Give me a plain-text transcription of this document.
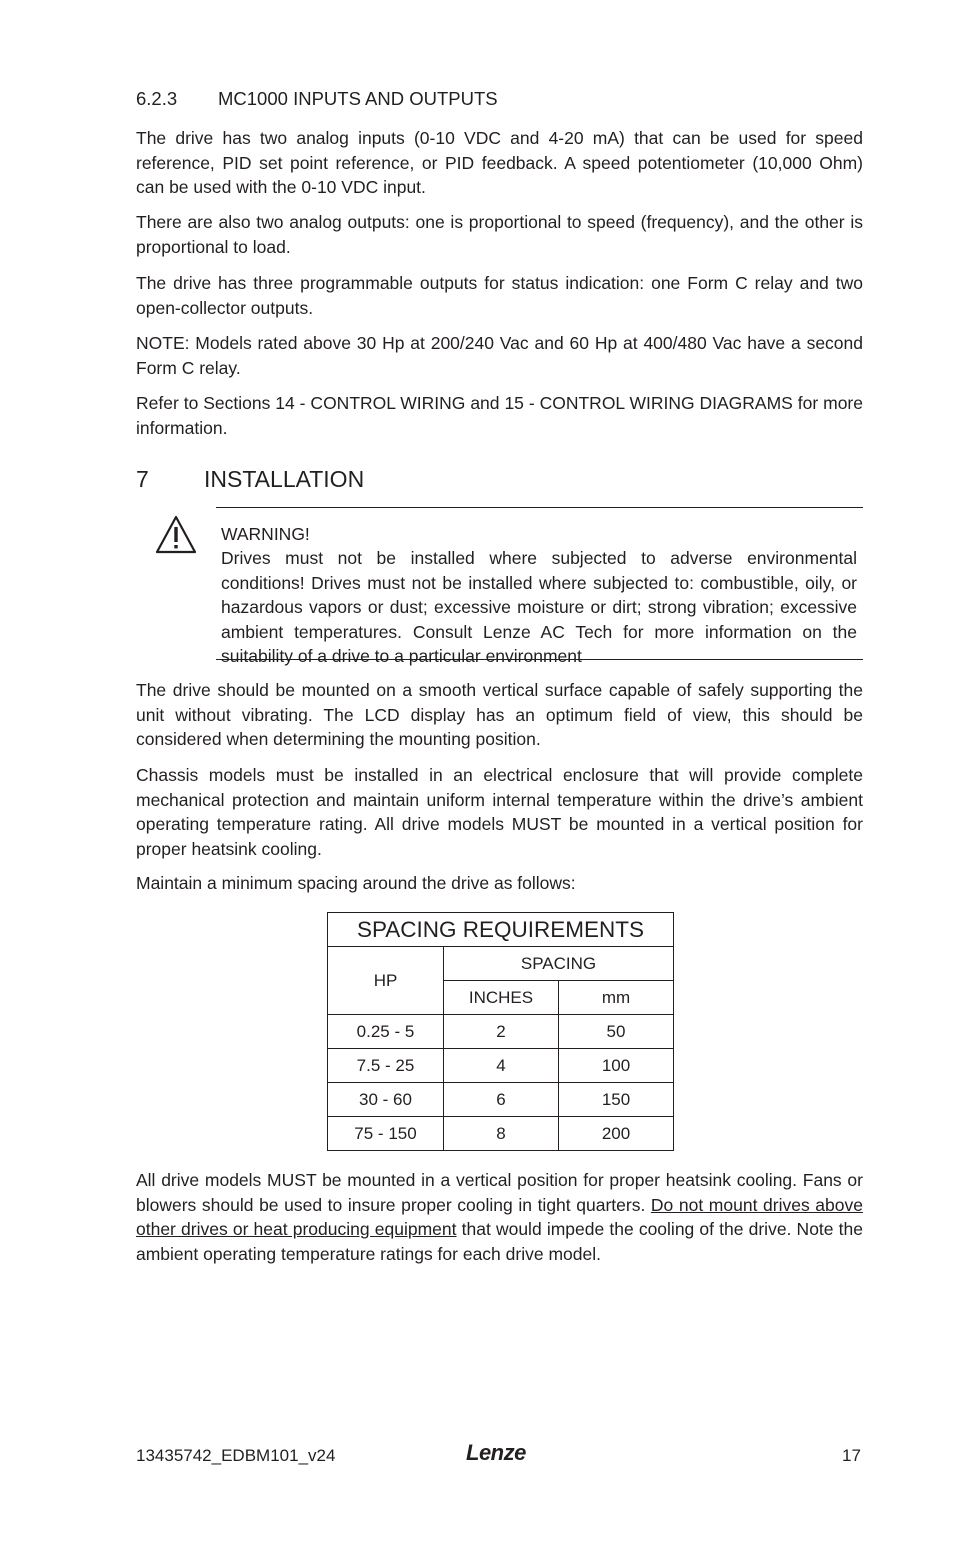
6.2.3 MC1000 INPUTS AND OUTPUTS

The drive has two analog inputs (0-10 VDC and 4-20 mA) that can be used for speed reference, PID set point reference, or PID feedback. A speed potentiometer (10,000 Ohm) can be used with the 0-10 VDC input.

There are also two analog outputs: one is proportional to speed (frequency), and the other is proportional to load.

The drive has three programmable outputs for status indication: one Form C relay and two open-collector outputs.

NOTE: Models rated above 30 Hp at 200/240 Vac and 60 Hp at 400/480 Vac have a second Form C relay.

Refer to Sections 14 - CONTROL WIRING and 15 - CONTROL WIRING DIAGRAMS for more information.

7 INSTALLATION
WARNING!
Drives must not be installed where subjected to adverse environmental conditions! Drives must not be installed where subjected to: combustible, oily, or hazardous vapors or dust; excessive moisture or dirt; strong vibration; excessive ambient temperatures. Consult Lenze AC Tech for more information on the suitability of a drive to a particular environment

The drive should be mounted on a smooth vertical surface capable of safely supporting the unit without vibrating. The LCD display has an optimum field of view, this should be considered when determining the mounting position.

Chassis models must be installed in an electrical enclosure that will provide complete mechanical protection and maintain uniform internal temperature within the drive’s ambient operating temperature rating. All drive models MUST be mounted in a vertical position for proper heatsink cooling.

Maintain a minimum spacing around the drive as follows:

SPACING REQUIREMENTS		
HP	SPACING	
	INCHES	mm
0.25 - 5	2	50
7.5 - 25	4	100
30 - 60	6	150
75 - 150	8	200

All drive models MUST be mounted in a vertical position for proper heatsink cooling. Fans or blowers should be used to insure proper cooling in tight quarters. Do not mount drives above other drives or heat producing equipment that would impede the cooling of the drive. Note the ambient operating temperature ratings for each drive model.

13435742_EDBM101_v24	Lenze	17
